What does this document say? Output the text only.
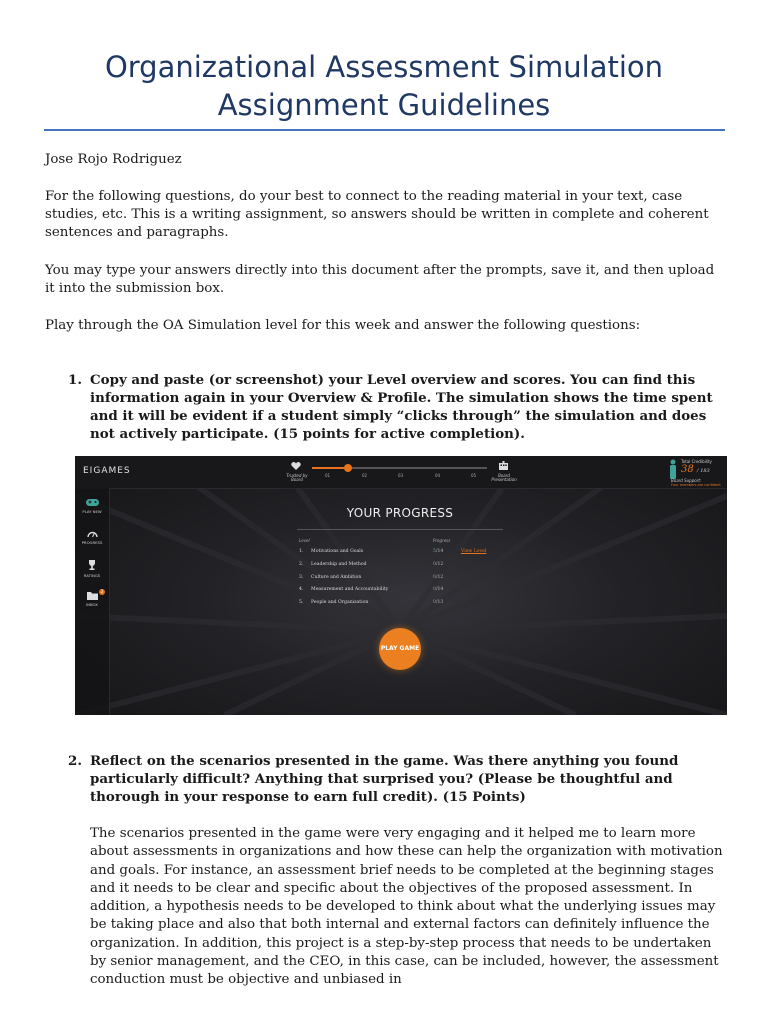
Organizational Assessment Simulation
Assignment Guidelines

Jose Rojo Rodriguez

For the following questions, do your best to connect to the reading material in your text, case studies, etc. This is a writing assignment, so answers should be written in complete and coherent sentences and paragraphs.

You may type your answers directly into this document after the prompts, save it, and then upload it into the submission box.

Play through the OA Simulation level for this week and answer the following questions:

1. Copy and paste (or screenshot) your Level overview and scores. You can find this information again in your Overview & Profile. The simulation shows the time spent and it will be evident if a student simply “clicks through” the simulation and does not actively participate. (15 points for active completion).
EIGAMES	Trusted by Board
01	02	03	04	05	Board Presentation
Total Credibility
38 / 183
Board Support:
Four members are confident
PLAY NEW
PROGRESS
RATINGS
2
INBOX
YOUR PROGRESS
Level	Progress
1. Motivations and Goals	5/14	View Level
2. Leadership and Method	0/12
3. Culture and Ambition	0/12
4. Measurement and Accountability	0/14
5. People and Organization	0/13
PLAY GAME
2. Reflect on the scenarios presented in the game. Was there anything you found particularly difficult? Anything that surprised you? (Please be thoughtful and thorough in your response to earn full credit). (15 Points)

The scenarios presented in the game were very engaging and it helped me to learn more about assessments in organizations and how these can help the organization with motivation and goals. For instance, an assessment brief needs to be completed at the beginning stages and it needs to be clear and specific about the objectives of the proposed assessment. In addition, a hypothesis needs to be developed to think about what the underlying issues may be taking place and also that both internal and external factors can definitely influence the organization. In addition, this project is a step-by-step process that needs to be undertaken by senior management, and the CEO, in this case, can be included, however, the assessment conduction must be objective and unbiased in
